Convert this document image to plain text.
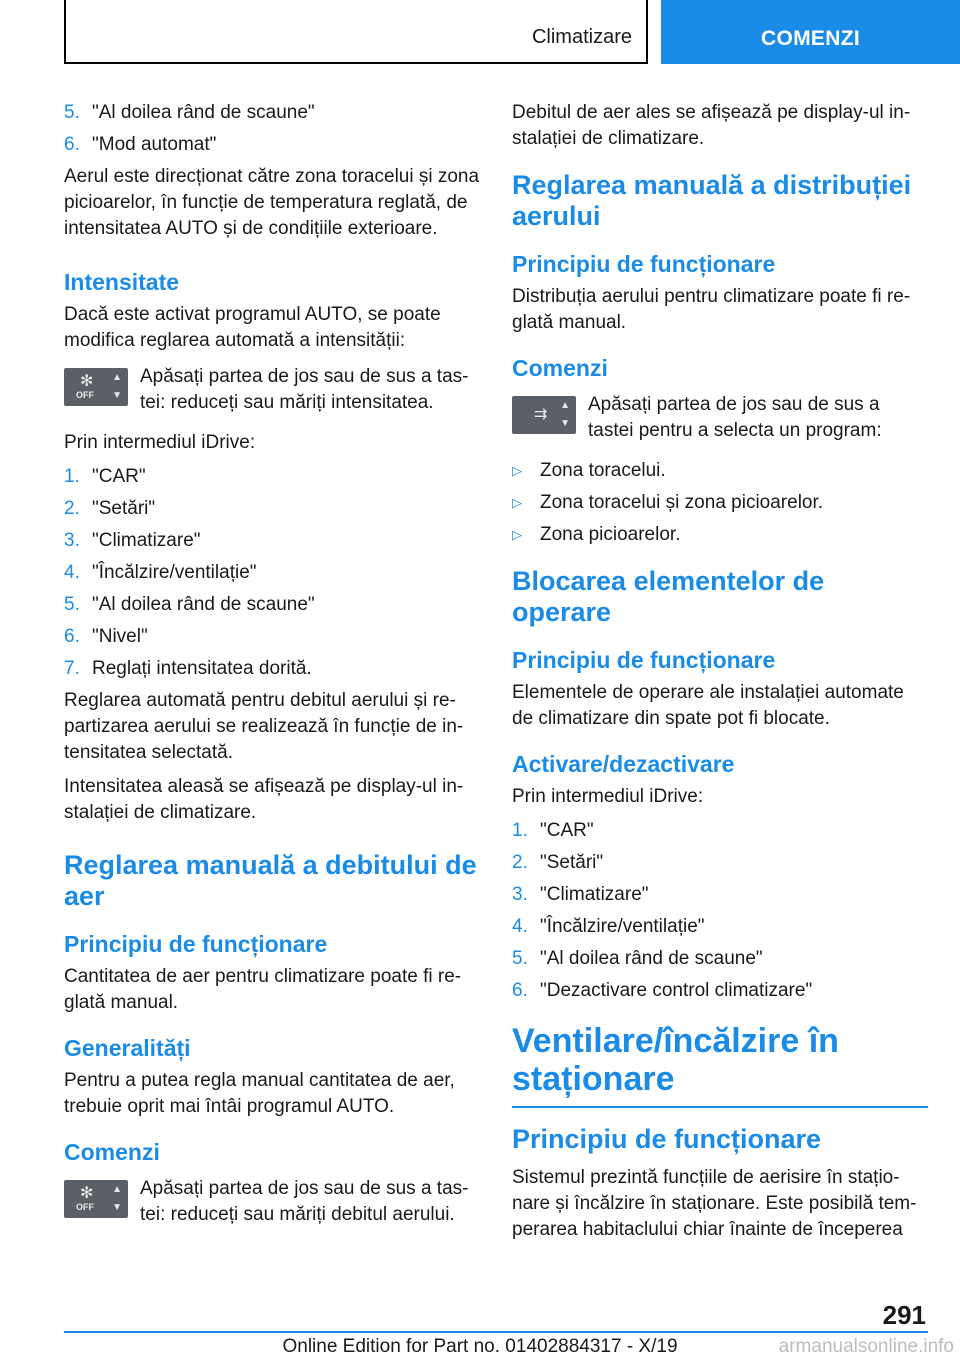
Climatizare	COMENZI
5. "Al doilea rând de scaune"
6. "Mod automat"

Aerul este direcționat către zona toracelui și zona picioarelor, în funcție de temperatura reglată, de intensitatea AUTO și de condițiile exterioare.

Intensitate

Dacă este activat programul AUTO, se poate modifica reglarea automată a intensității:

✻
OFF
▲
▼
Apăsați partea de jos sau de sus a tas‐tei: reduceți sau măriți intensitatea.

Prin intermediul iDrive:

1. "CAR"
2. "Setări"
3. "Climatizare"
4. "Încălzire/ventilație"
5. "Al doilea rând de scaune"
6. "Nivel"
7. Reglați intensitatea dorită.

Reglarea automată pentru debitul aerului și re‐partizarea aerului se realizează în funcție de in‐tensitatea selectată.

Intensitatea aleasă se afișează pe display-ul in‐stalației de climatizare.

Reglarea manuală a debitului de aer
Principiu de funcționare

Cantitatea de aer pentru climatizare poate fi re‐glată manual.

Generalități

Pentru a putea regla manual cantitatea de aer, trebuie oprit mai întâi programul AUTO.

Comenzi
✻
OFF
▲
▼
Apăsați partea de jos sau de sus a tas‐tei: reduceți sau măriți debitul aerului.

Debitul de aer ales se afișează pe display-ul in‐stalației de climatizare.

Reglarea manuală a distribuției aerului
Principiu de funcționare

Distribuția aerului pentru climatizare poate fi re‐glată manual.

Comenzi
⇉
▲
▼
Apăsați partea de jos sau de sus a tastei pentru a selecta un program:
▷ Zona toracelui.
▷ Zona toracelui și zona picioarelor.
▷ Zona picioarelor.
Blocarea elementelor de operare
Principiu de funcționare

Elementele de operare ale instalației automate de climatizare din spate pot fi blocate.

Activare/dezactivare

Prin intermediul iDrive:

1. "CAR"
2. "Setări"
3. "Climatizare"
4. "Încălzire/ventilație"
5. "Al doilea rând de scaune"
6. "Dezactivare control climatizare"
Ventilare/încălzire în staționare
Principiu de funcționare

Sistemul prezintă funcțiile de aerisire în stațio‐nare și încălzire în staționare. Este posibilă tem‐perarea habitaclului chiar înainte de începerea

291
Online Edition for Part no. 01402884317 - X/19	armanualsonline.info
